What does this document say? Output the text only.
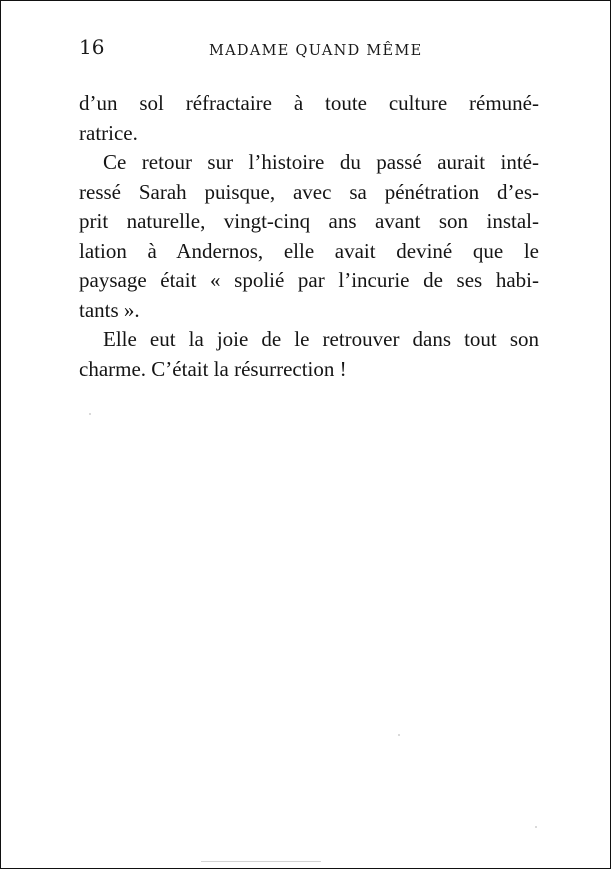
16	MADAME QUAND MÊME
d’un sol réfractaire à toute culture rémuné-
ratrice.
Ce retour sur l’histoire du passé aurait inté-
ressé Sarah puisque, avec sa pénétration d’es-
prit naturelle, vingt-cinq ans avant son instal-
lation à Andernos, elle avait deviné que le
paysage était « spolié par l’incurie de ses habi-
tants ».
Elle eut la joie de le retrouver dans tout son
charme. C’était la résurrection !
